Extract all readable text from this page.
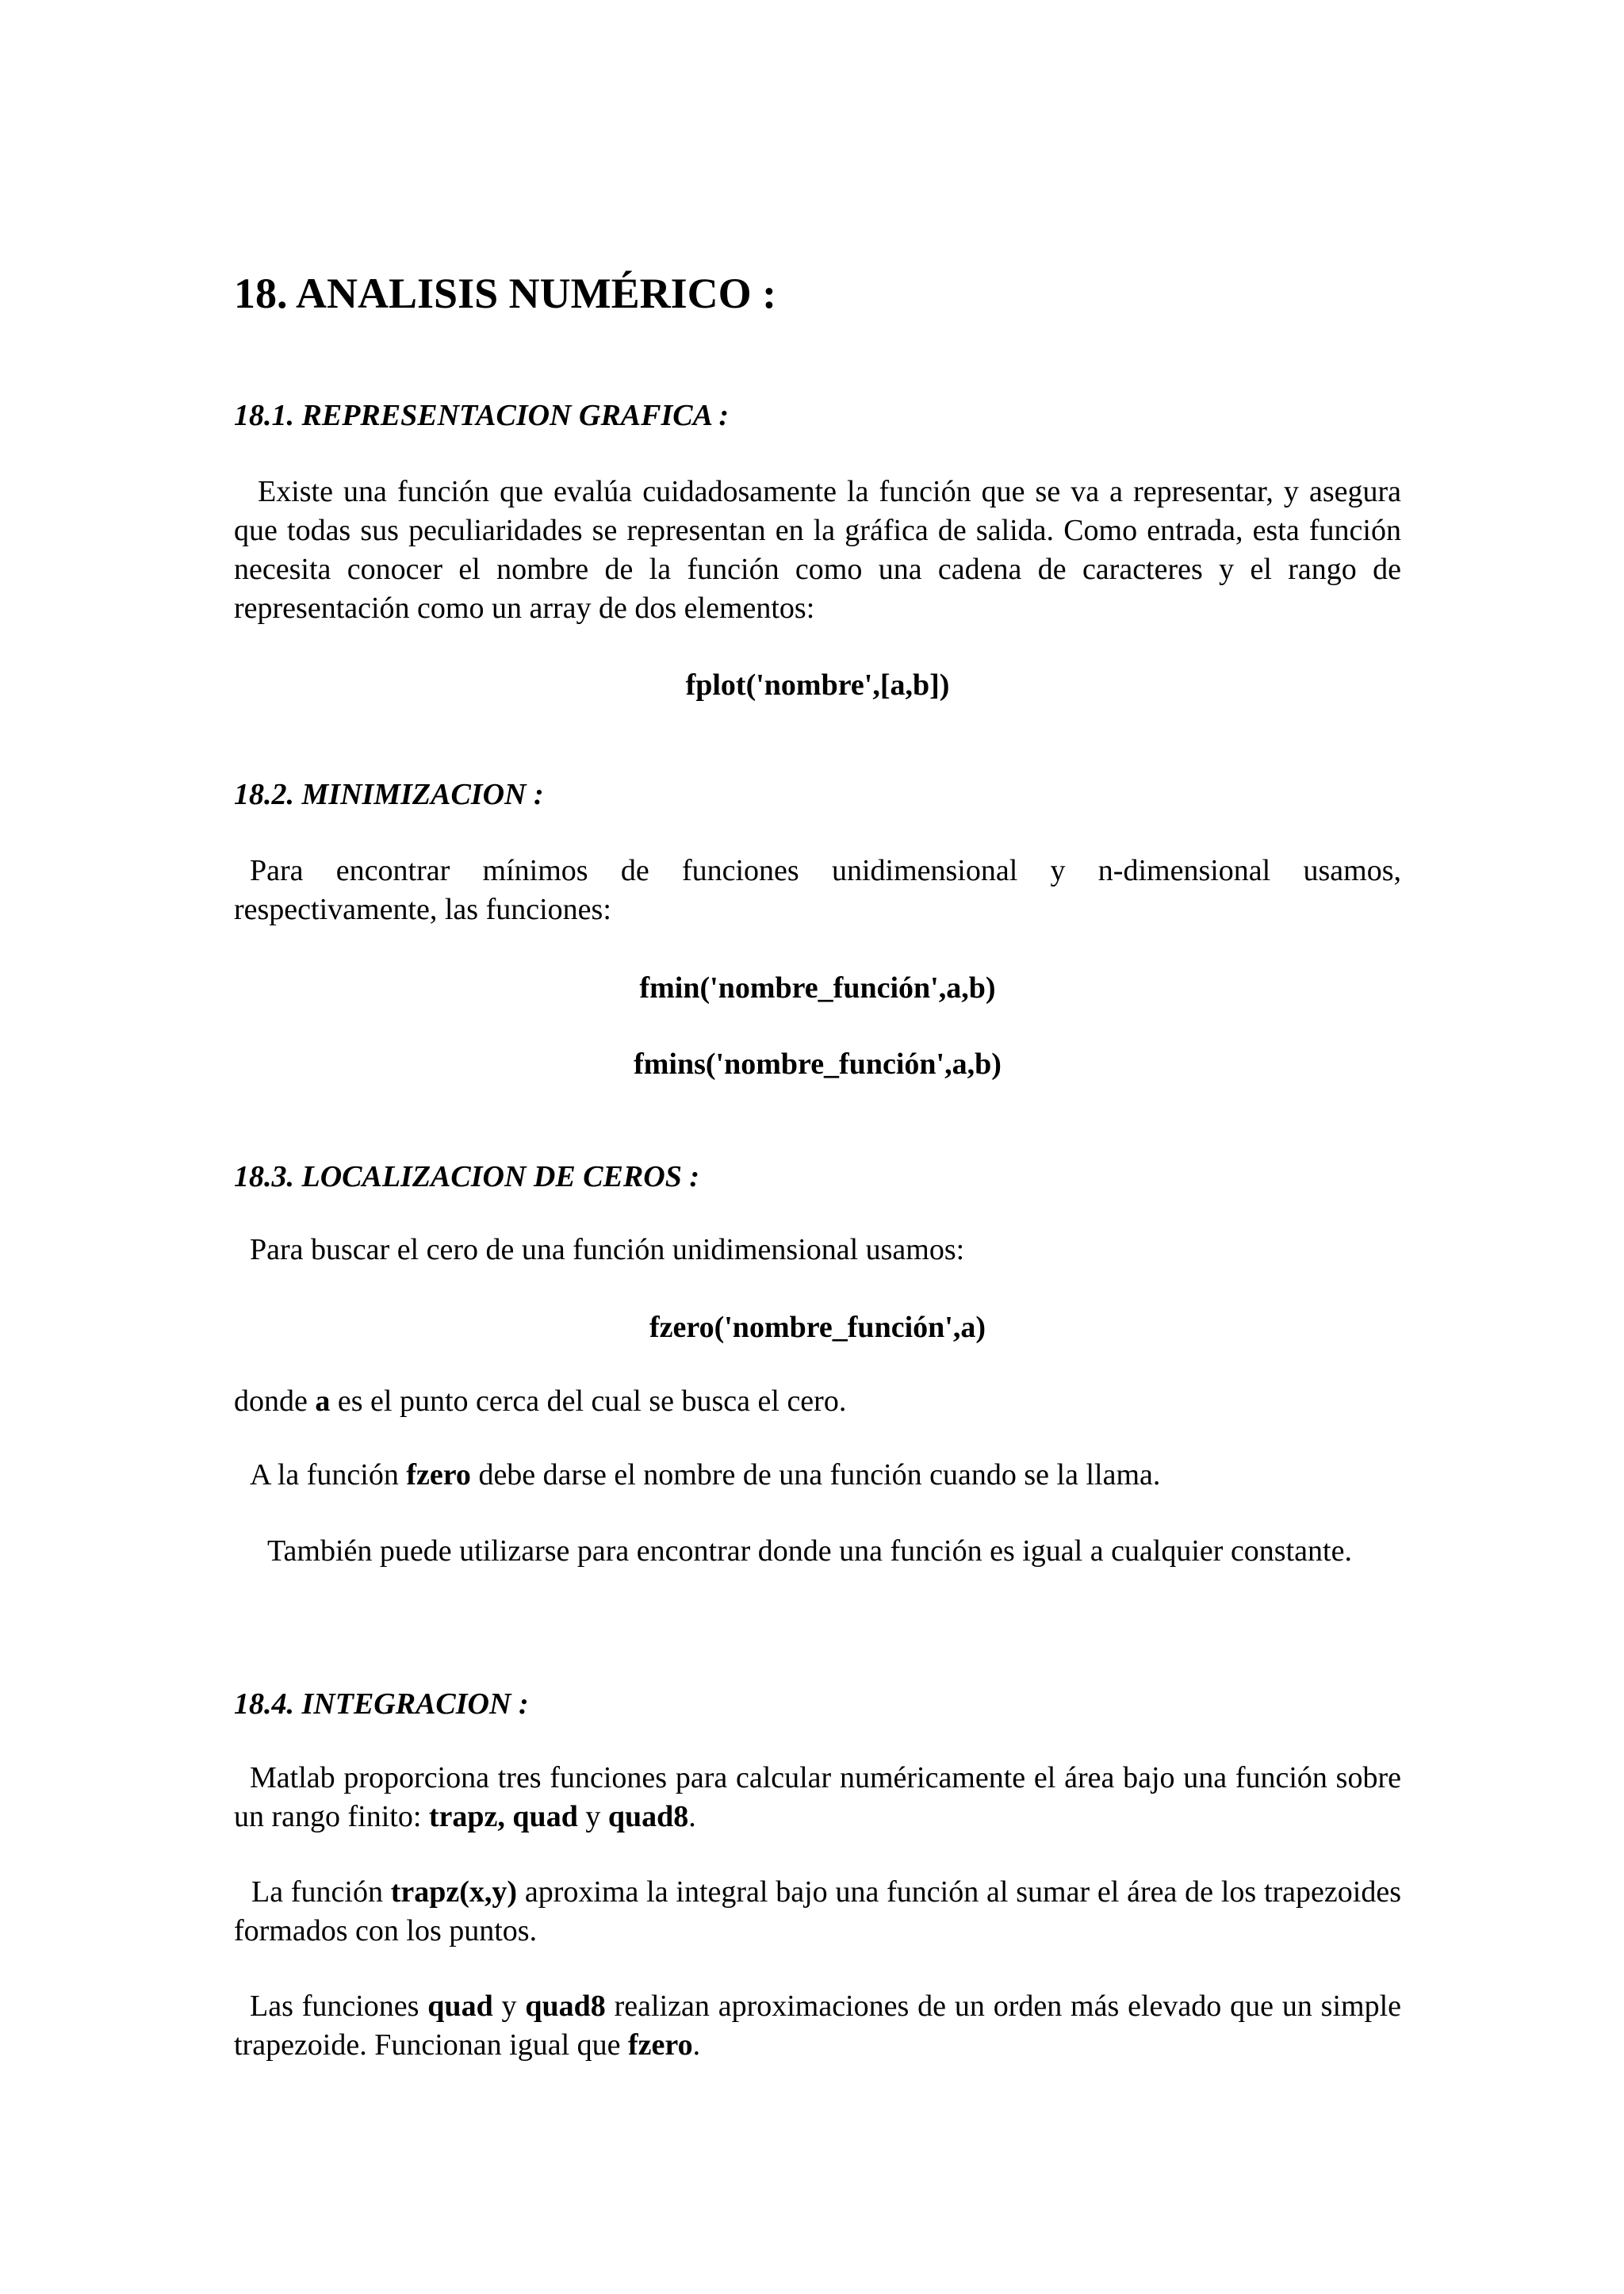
18. ANALISIS NUMÉRICO :
18.1. REPRESENTACION GRAFICA :

Existe una función que evalúa cuidadosamente la función que se va a representar, y asegura que todas sus peculiaridades se representan en la gráfica de salida. Como entrada, esta función necesita conocer el nombre de la función como una cadena de caracteres y el rango de representación como un array de dos elementos:

fplot('nombre',[a,b])
18.2. MINIMIZACION :

Para encontrar mínimos de funciones unidimensional y n-dimensional usamos, respectivamente, las funciones:

fmin('nombre_función',a,b)
fmins('nombre_función',a,b)
18.3. LOCALIZACION DE CEROS :

Para buscar el cero de una función unidimensional usamos:

fzero('nombre_función',a)

donde a es el punto cerca del cual se busca el cero.

A la función fzero debe darse el nombre de una función cuando se la llama.

También puede utilizarse para encontrar donde una función es igual a cualquier constante.

18.4. INTEGRACION :

Matlab proporciona tres funciones para calcular numéricamente el área bajo una función sobre un rango finito: trapz, quad y quad8.

La función trapz(x,y) aproxima la integral bajo una función al sumar el área de los trapezoides formados con los puntos.

Las funciones quad y quad8 realizan aproximaciones de un orden más elevado que un simple trapezoide. Funcionan igual que fzero.
